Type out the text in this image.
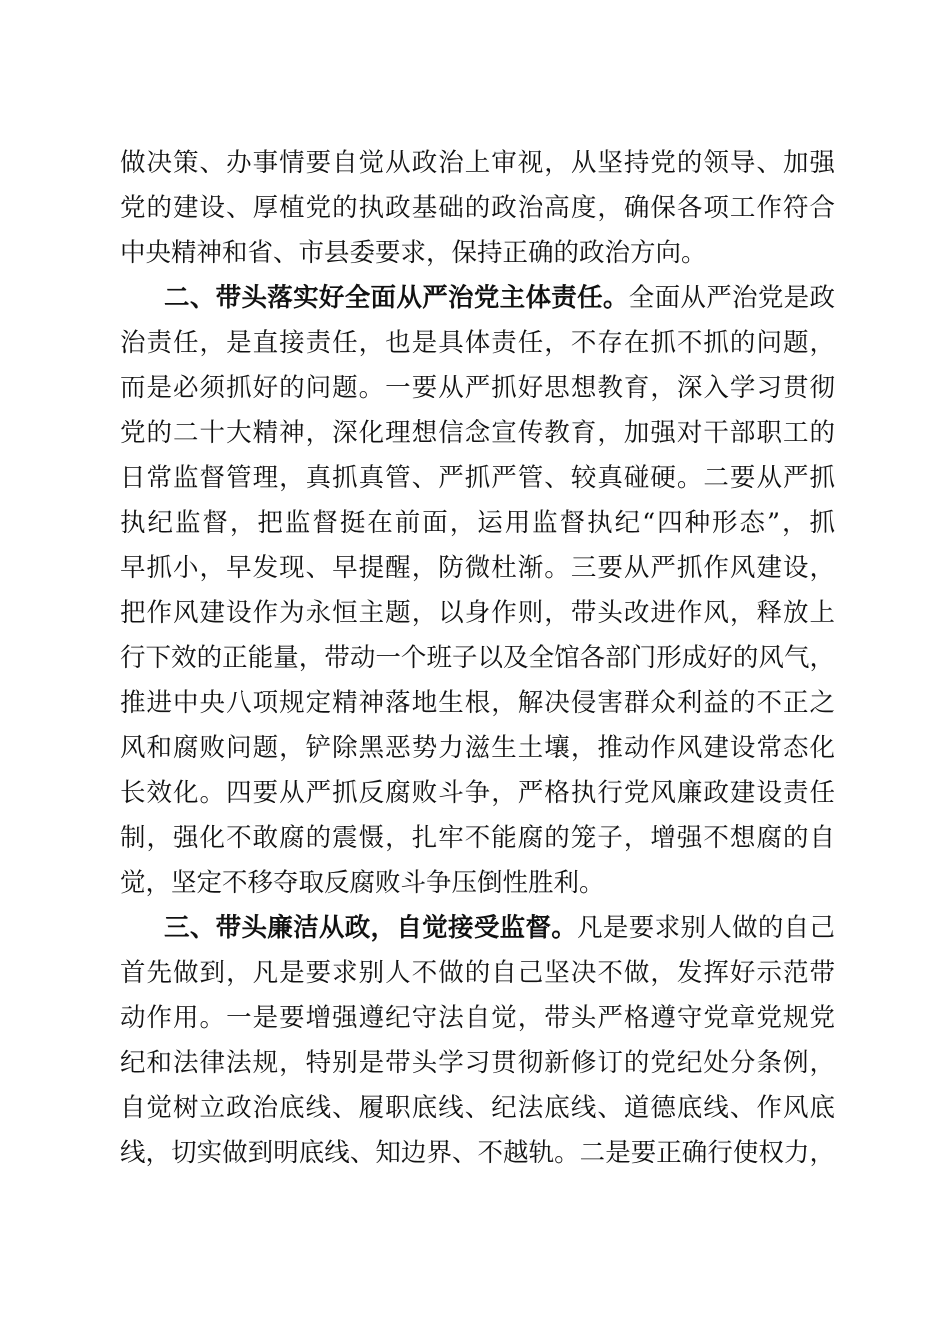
做决策、办事情要自觉从政治上审视，从坚持党的领导、加强
党的建设、厚植党的执政基础的政治高度，确保各项工作符合
中央精神和省、市县委要求，保持正确的政治方向。
二、带头落实好全面从严治党主体责任。全面从严治党是政
治责任，是直接责任，也是具体责任，不存在抓不抓的问题，
而是必须抓好的问题。一要从严抓好思想教育，深入学习贯彻
党的二十大精神，深化理想信念宣传教育，加强对干部职工的
日常监督管理，真抓真管、严抓严管、较真碰硬。二要从严抓
执纪监督，把监督挺在前面，运用监督执纪“四种形态”，抓
早抓小，早发现、早提醒，防微杜渐。三要从严抓作风建设，
把作风建设作为永恒主题，以身作则，带头改进作风，释放上
行下效的正能量，带动一个班子以及全馆各部门形成好的风气，
推进中央八项规定精神落地生根，解决侵害群众利益的不正之
风和腐败问题，铲除黑恶势力滋生土壤，推动作风建设常态化
长效化。四要从严抓反腐败斗争，严格执行党风廉政建设责任
制，强化不敢腐的震慑，扎牢不能腐的笼子，增强不想腐的自
觉，坚定不移夺取反腐败斗争压倒性胜利。
三、带头廉洁从政，自觉接受监督。凡是要求别人做的自己
首先做到，凡是要求别人不做的自己坚决不做，发挥好示范带
动作用。一是要增强遵纪守法自觉，带头严格遵守党章党规党
纪和法律法规，特别是带头学习贯彻新修订的党纪处分条例，
自觉树立政治底线、履职底线、纪法底线、道德底线、作风底
线，切实做到明底线、知边界、不越轨。二是要正确行使权力，
